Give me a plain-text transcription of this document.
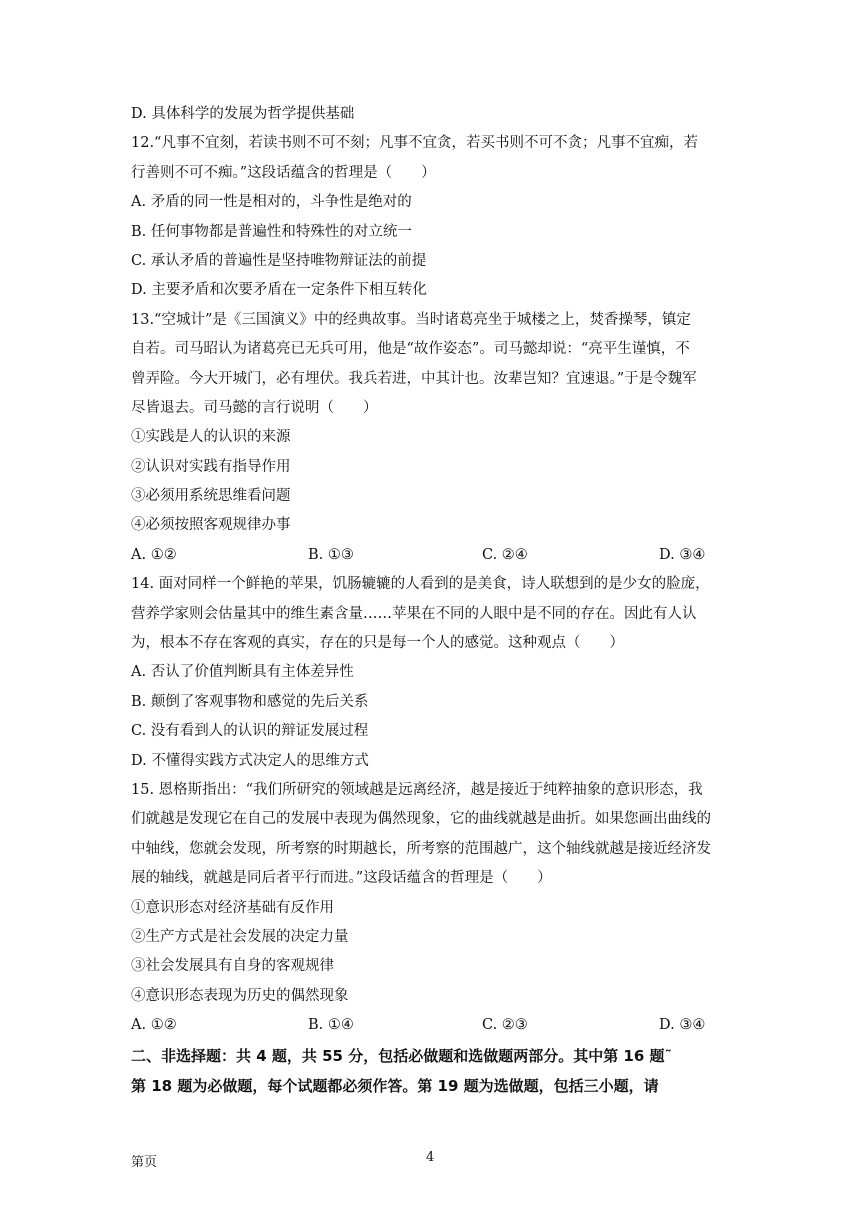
D. 具体科学的发展为哲学提供基础
12.“凡事不宜刻，若读书则不可不刻；凡事不宜贪，若买书则不可不贪；凡事不宜痴，若
行善则不可不痴。”这段话蕴含的哲理是（　　）
A. 矛盾的同一性是相对的，斗争性是绝对的
B. 任何事物都是普遍性和特殊性的对立统一
C. 承认矛盾的普遍性是坚持唯物辩证法的前提
D. 主要矛盾和次要矛盾在一定条件下相互转化
13.“空城计”是《三国演义》中的经典故事。当时诸葛亮坐于城楼之上，焚香操琴，镇定
自若。司马昭认为诸葛亮已无兵可用，他是“故作姿态”。司马懿却说：“亮平生谨慎，不
曾弄险。今大开城门，必有埋伏。我兵若进，中其计也。汝辈岂知？宜速退。”于是令魏军
尽皆退去。司马懿的言行说明（　　）
①实践是人的认识的来源
②认识对实践有指导作用
③必须用系统思维看问题
④必须按照客观规律办事
A. ①②	B. ①③	C. ②④	D. ③④
14. 面对同样一个鲜艳的苹果，饥肠辘辘的人看到的是美食，诗人联想到的是少女的脸庞，
营养学家则会估量其中的维生素含量……苹果在不同的人眼中是不同的存在。因此有人认
为，根本不存在客观的真实，存在的只是每一个人的感觉。这种观点（　　）
A. 否认了价值判断具有主体差异性
B. 颠倒了客观事物和感觉的先后关系
C. 没有看到人的认识的辩证发展过程
D. 不懂得实践方式决定人的思维方式
15. 恩格斯指出：“我们所研究的领域越是远离经济，越是接近于纯粹抽象的意识形态，我
们就越是发现它在自己的发展中表现为偶然现象，它的曲线就越是曲折。如果您画出曲线的
中轴线，您就会发现，所考察的时期越长，所考察的范围越广，这个轴线就越是接近经济发
展的轴线，就越是同后者平行而进。”这段话蕴含的哲理是（　　）
①意识形态对经济基础有反作用
②生产方式是社会发展的决定力量
③社会发展具有自身的客观规律
④意识形态表现为历史的偶然现象
A. ①②	B. ①④	C. ②③	D. ③④
二、非选择题：共 4 题，共 55 分，包括必做题和选做题两部分。其中第 16 题˜
第 18 题为必做题，每个试题都必须作答。第 19 题为选做题，包括三小题，请
第页	4
